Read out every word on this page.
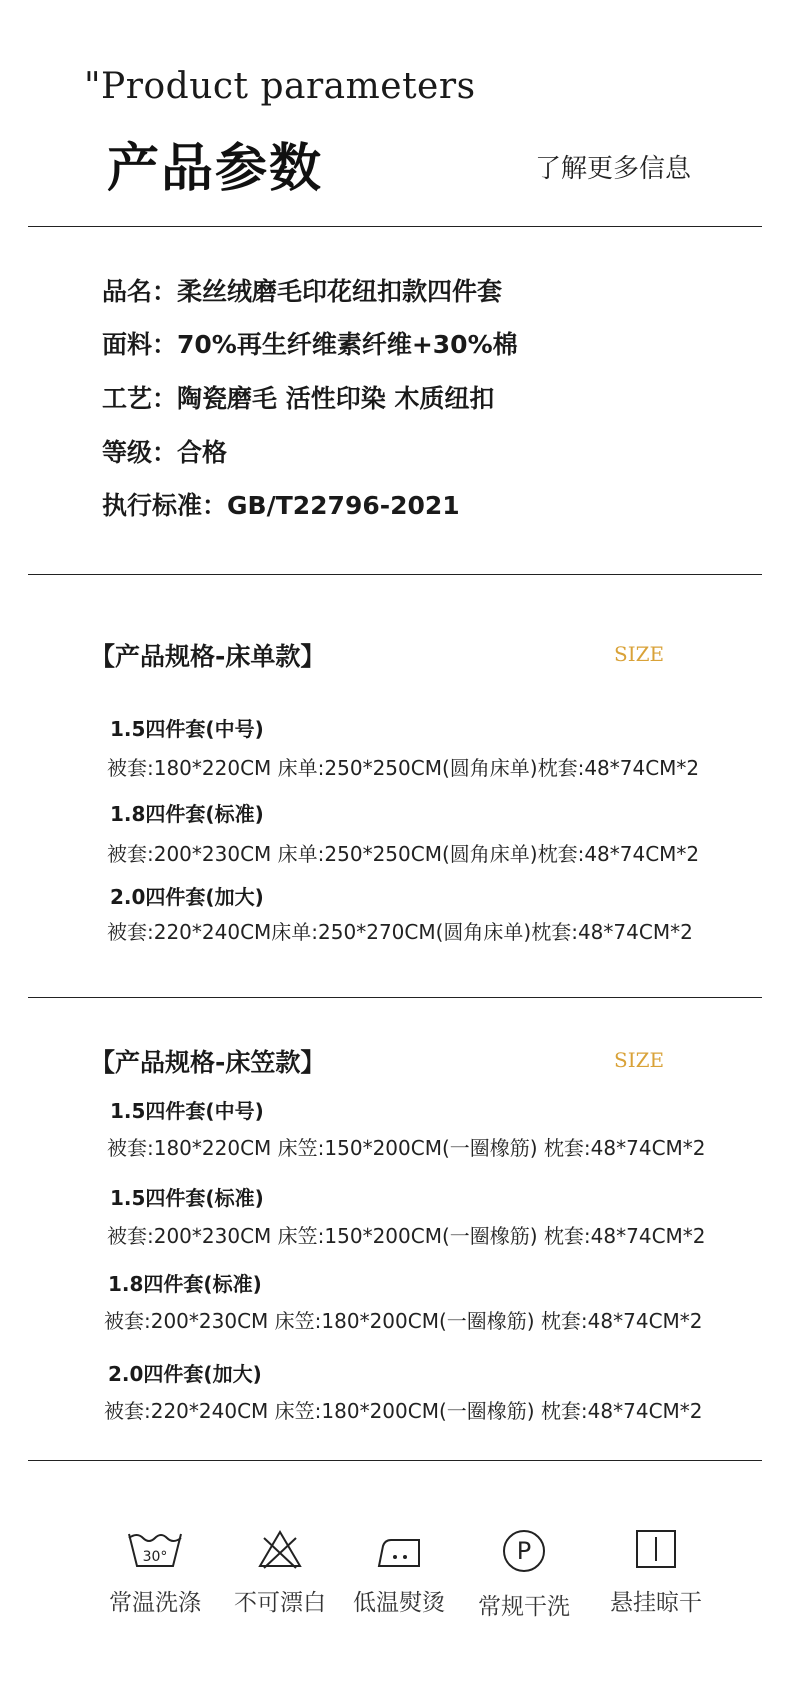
"Product parameters
产品参数	了解更多信息
品名：柔丝绒磨毛印花纽扣款四件套
面料：70%再生纤维素纤维+30%棉
工艺：陶瓷磨毛 活性印染 木质纽扣
等级：合格
执行标准：GB/T22796-2021
【产品规格-床单款】	SIZE
1.5四件套(中号)
被套:180*220CM 床单:250*250CM(圆角床单)枕套:48*74CM*2
1.8四件套(标准)
被套:200*230CM 床单:250*250CM(圆角床单)枕套:48*74CM*2
2.0四件套(加大)
被套:220*240CM床单:250*270CM(圆角床单)枕套:48*74CM*2
【产品规格-床笠款】	SIZE
1.5四件套(中号)
被套:180*220CM 床笠:150*200CM(一圈橡筋) 枕套:48*74CM*2
1.5四件套(标准)
被套:200*230CM 床笠:150*200CM(一圈橡筋) 枕套:48*74CM*2
1.8四件套(标准)
被套:200*230CM 床笠:180*200CM(一圈橡筋) 枕套:48*74CM*2
2.0四件套(加大)
被套:220*240CM 床笠:180*200CM(一圈橡筋) 枕套:48*74CM*2
30°
常温洗涤	不可漂白	低温熨烫
P
常规干洗	悬挂晾干
